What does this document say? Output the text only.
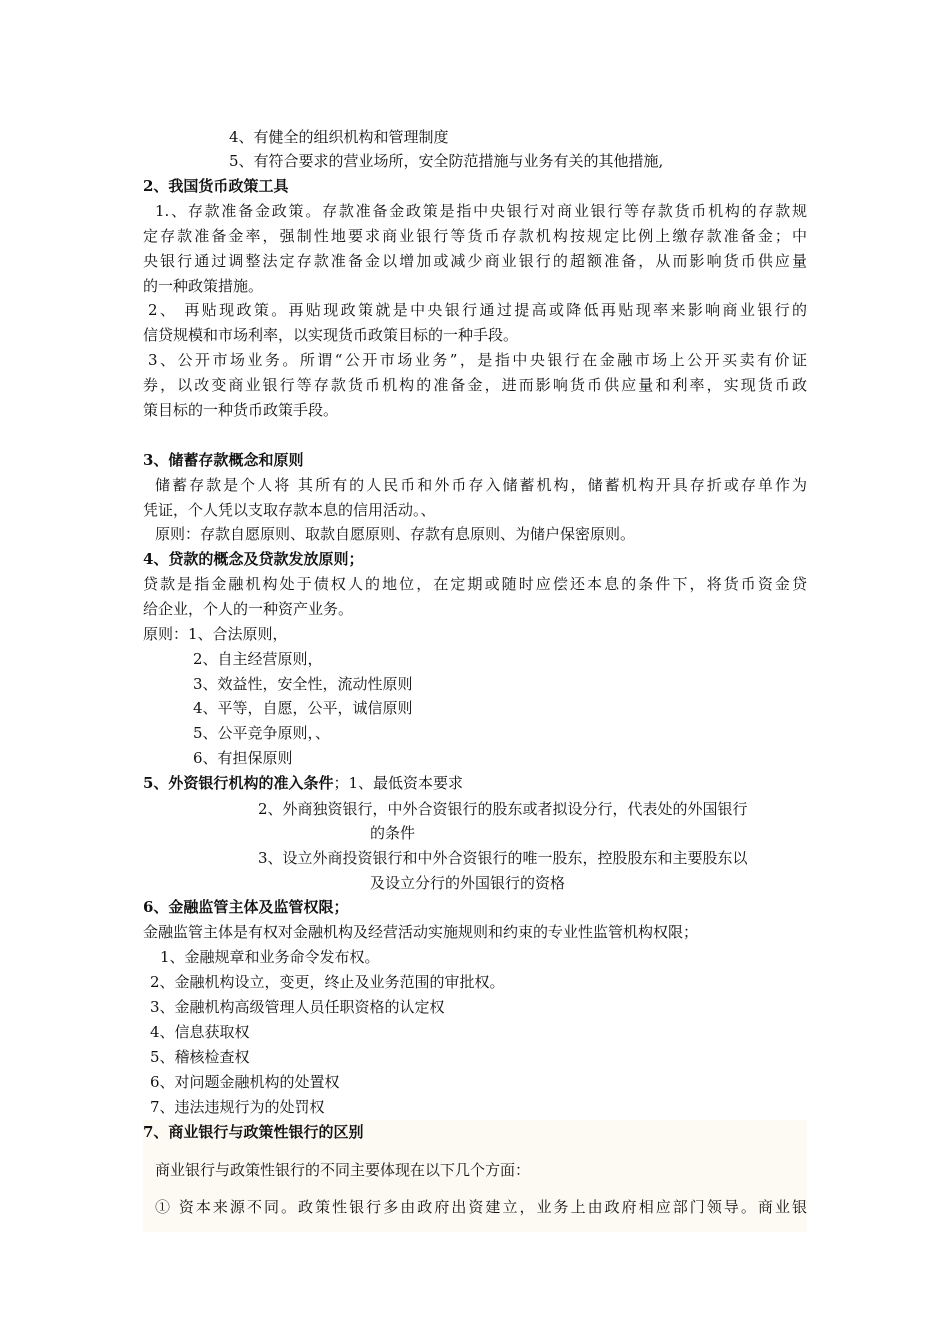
4、有健全的组织机构和管理制度
5、有符合要求的营业场所，安全防范措施与业务有关的其他措施,
2、我国货币政策工具
1.、存款准备金政策。存款准备金政策是指中央银行对商业银行等存款货币机构的存款规
定存款准备金率，强制性地要求商业银行等货币存款机构按规定比例上缴存款准备金；中
央银行通过调整法定存款准备金以增加或减少商业银行的超额准备，从而影响货币供应量
的一种政策措施。
2、 再贴现政策。再贴现政策就是中央银行通过提高或降低再贴现率来影响商业银行的
信贷规模和市场利率，以实现货币政策目标的一种手段。
3、公开市场业务。所谓“公开市场业务”，是指中央银行在金融市场上公开买卖有价证
券，以改变商业银行等存款货币机构的准备金，进而影响货币供应量和利率，实现货币政
策目标的一种货币政策手段。
3、储蓄存款概念和原则
储蓄存款是个人将 其所有的人民币和外币存入储蓄机构，储蓄机构开具存折或存单作为
凭证，个人凭以支取存款本息的信用活动。、
原则：存款自愿原则、取款自愿原则、存款有息原则、为储户保密原则。
4、贷款的概念及贷款发放原则；
贷款是指金融机构处于债权人的地位，在定期或随时应偿还本息的条件下，将货币资金贷
给企业，个人的一种资产业务。
原则：1、合法原则，
2、自主经营原则，
3、效益性，安全性，流动性原则
4、平等，自愿，公平，诚信原则
5、公平竞争原则，、
6、有担保原则
5、外资银行机构的准入条件；1、最低资本要求
2、外商独资银行，中外合资银行的股东或者拟设分行，代表处的外国银行
的条件
3、设立外商投资银行和中外合资银行的唯一股东，控股股东和主要股东以
及设立分行的外国银行的资格
6、金融监管主体及监管权限；
金融监管主体是有权对金融机构及经营活动实施规则和约束的专业性监管机构权限；
1、金融规章和业务命令发布权。
2、金融机构设立，变更，终止及业务范围的审批权。
3、金融机构高级管理人员任职资格的认定权
4、信息获取权
5、稽核检查权
6、对问题金融机构的处置权
7、违法违规行为的处罚权
7、商业银行与政策性银行的区别
商业银行与政策性银行的不同主要体现在以下几个方面：
① 资本来源不同。政策性银行多由政府出资建立，业务上由政府相应部门领导。商业银
